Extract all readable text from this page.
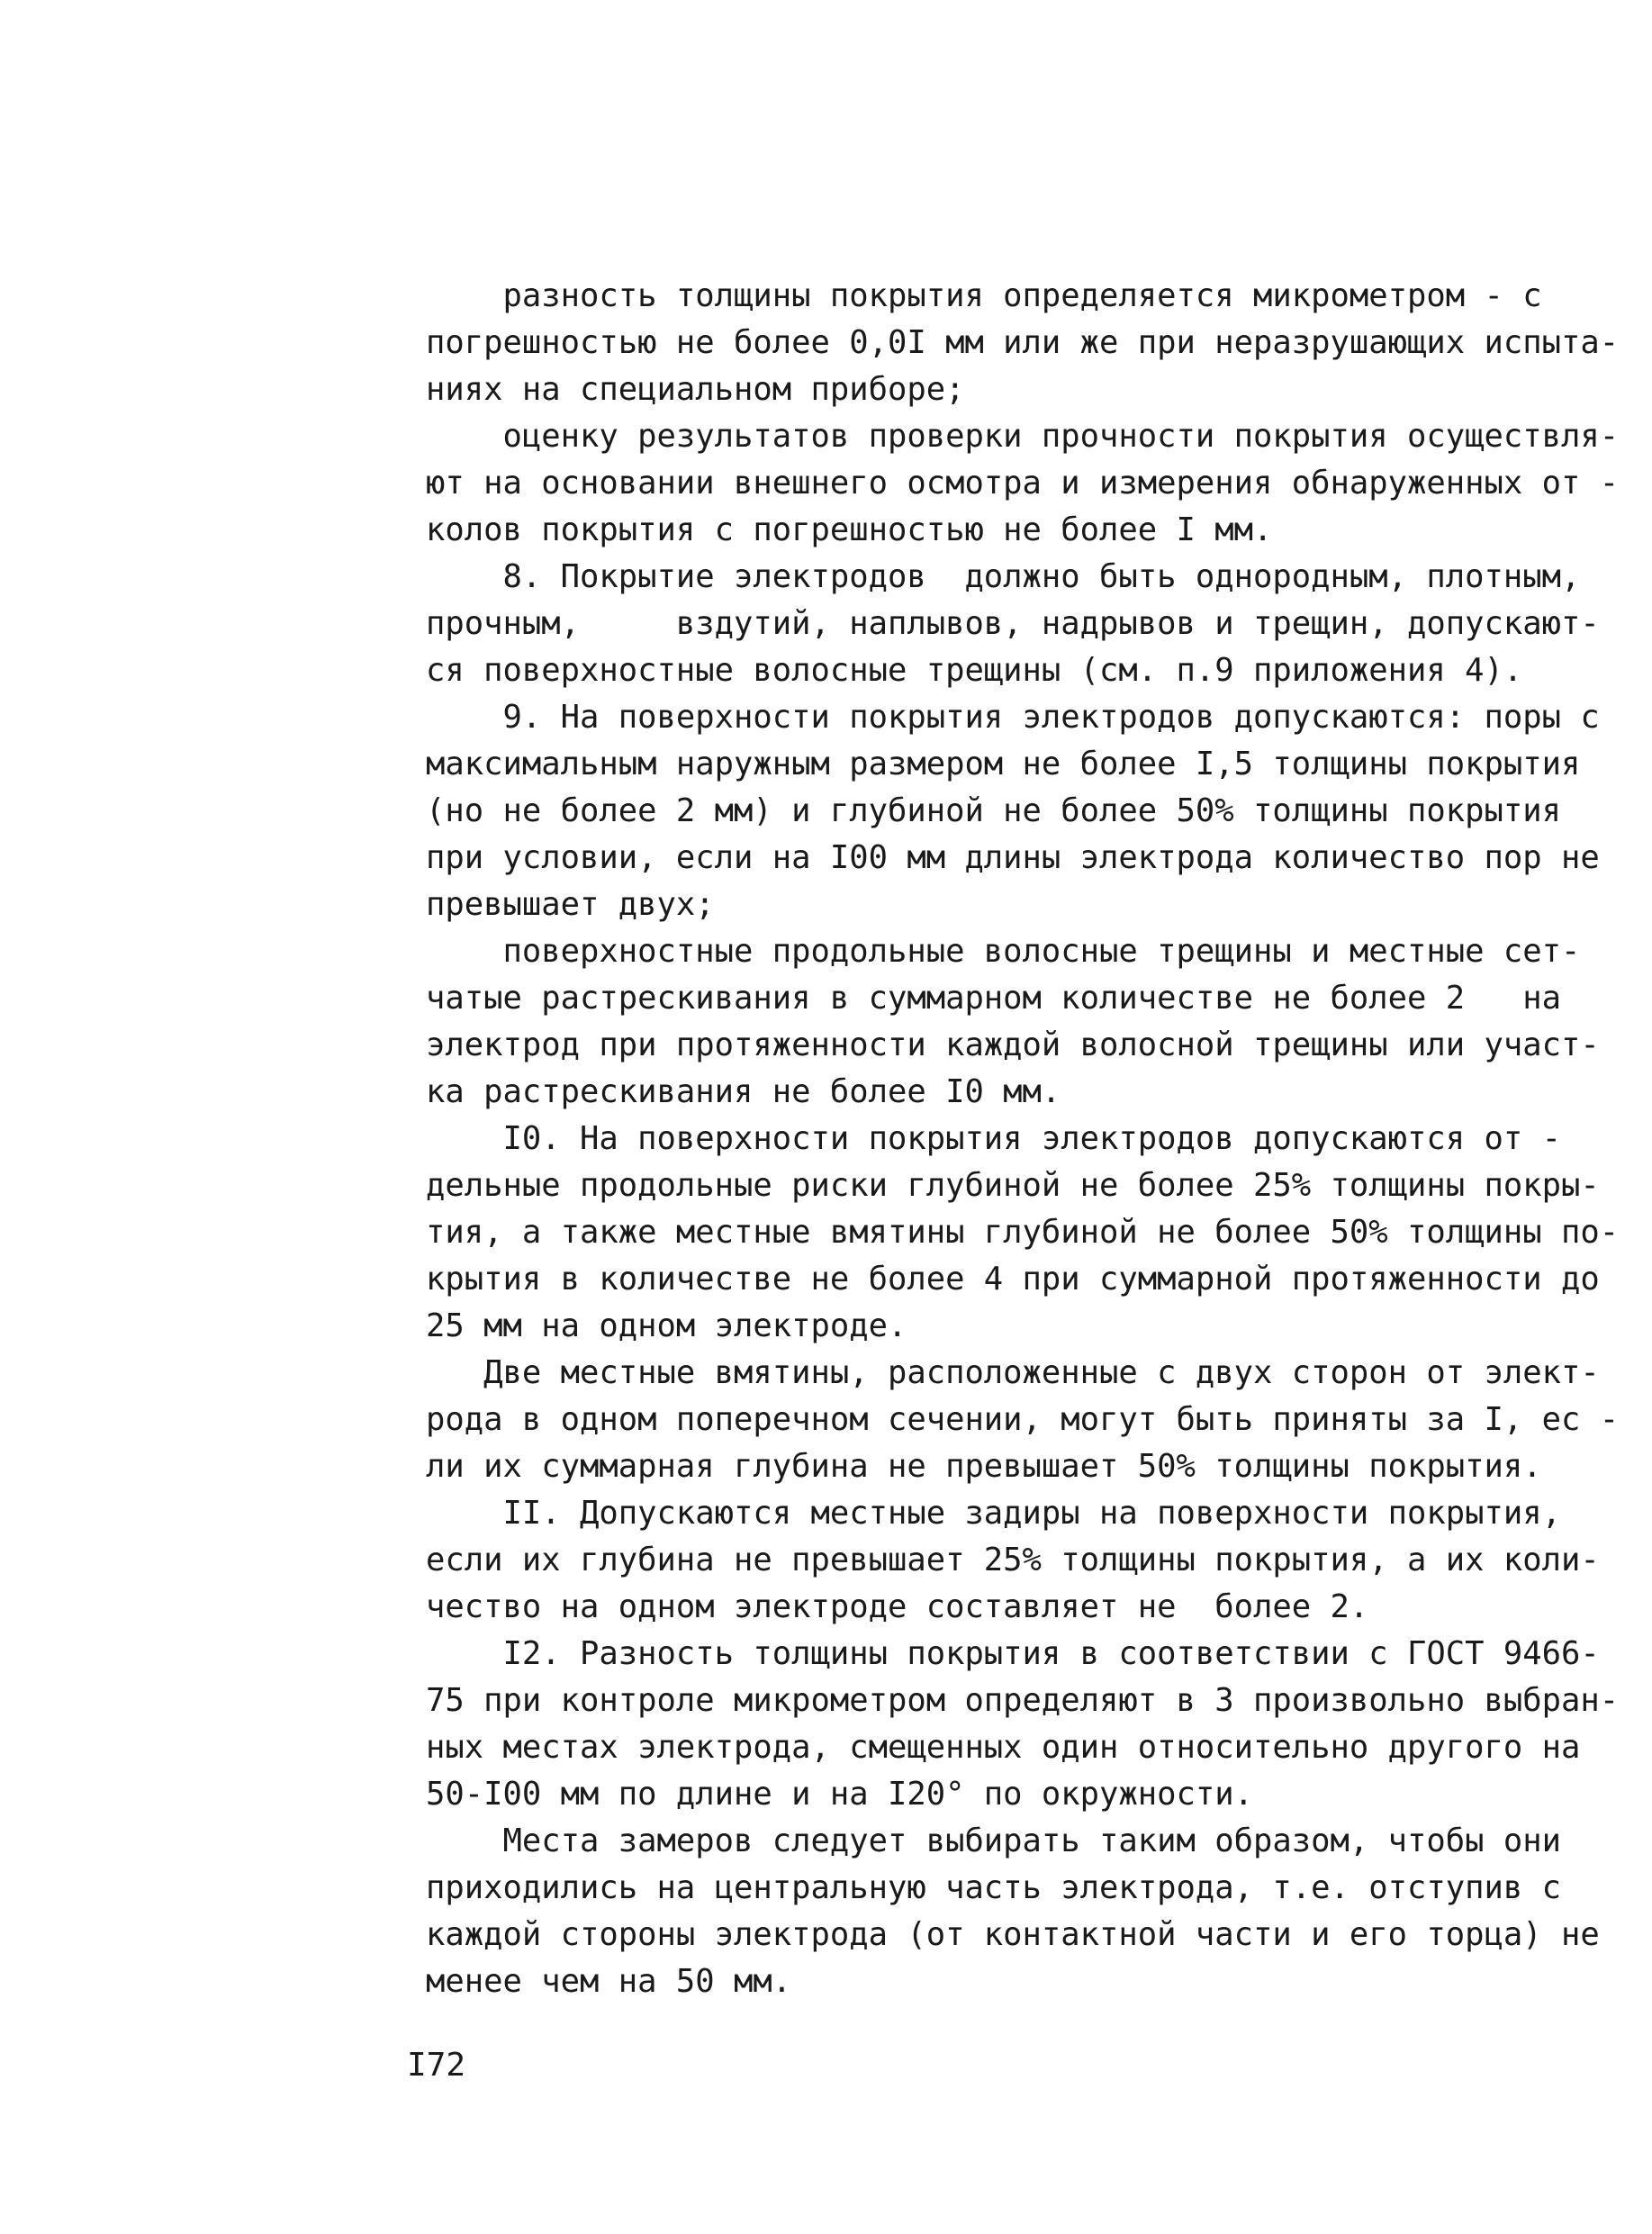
разность толщины покрытия определяется микрометром - с
погрешностью не более 0,0I мм или же при неразрушающих испыта-
ниях на специальном приборе;
оценку результатов проверки прочности покрытия осуществля-
ют на основании внешнего осмотра и измерения обнаруженных от -
колов покрытия с погрешностью не более I мм.
8. Покрытие электродов  должно быть однородным, плотным,
прочным,     вздутий, наплывов, надрывов и трещин, допускают-
ся поверхностные волосные трещины (см. п.9 приложения 4).
9. На поверхности покрытия электродов допускаются: поры с
максимальным наружным размером не более I,5 толщины покрытия
(но не более 2 мм) и глубиной не более 50% толщины покрытия
при условии, если на I00 мм длины электрода количество пор не
превышает двух;
поверхностные продольные волосные трещины и местные сет-
чатые растрескивания в суммарном количестве не более 2   на
электрод при протяженности каждой волосной трещины или участ-
ка растрескивания не более I0 мм.
I0. На поверхности покрытия электродов допускаются от -
дельные продольные риски глубиной не более 25% толщины покры-
тия, а также местные вмятины глубиной не более 50% толщины по-
крытия в количестве не более 4 при суммарной протяженности до
25 мм на одном электроде.
Две местные вмятины, расположенные с двух сторон от элект-
рода в одном поперечном сечении, могут быть приняты за I, ес -
ли их суммарная глубина не превышает 50% толщины покрытия.
II. Допускаются местные задиры на поверхности покрытия,
если их глубина не превышает 25% толщины покрытия, а их коли-
чество на одном электроде составляет не  более 2.
I2. Разность толщины покрытия в соответствии с ГОСТ 9466-
75 при контроле микрометром определяют в 3 произвольно выбран-
ных местах электрода, смещенных один относительно другого на
50-I00 мм по длине и на I20° по окружности.
Места замеров следует выбирать таким образом, чтобы они
приходились на центральную часть электрода, т.е. отступив с
каждой стороны электрода (от контактной части и его торца) не
менее чем на 50 мм.
I72
